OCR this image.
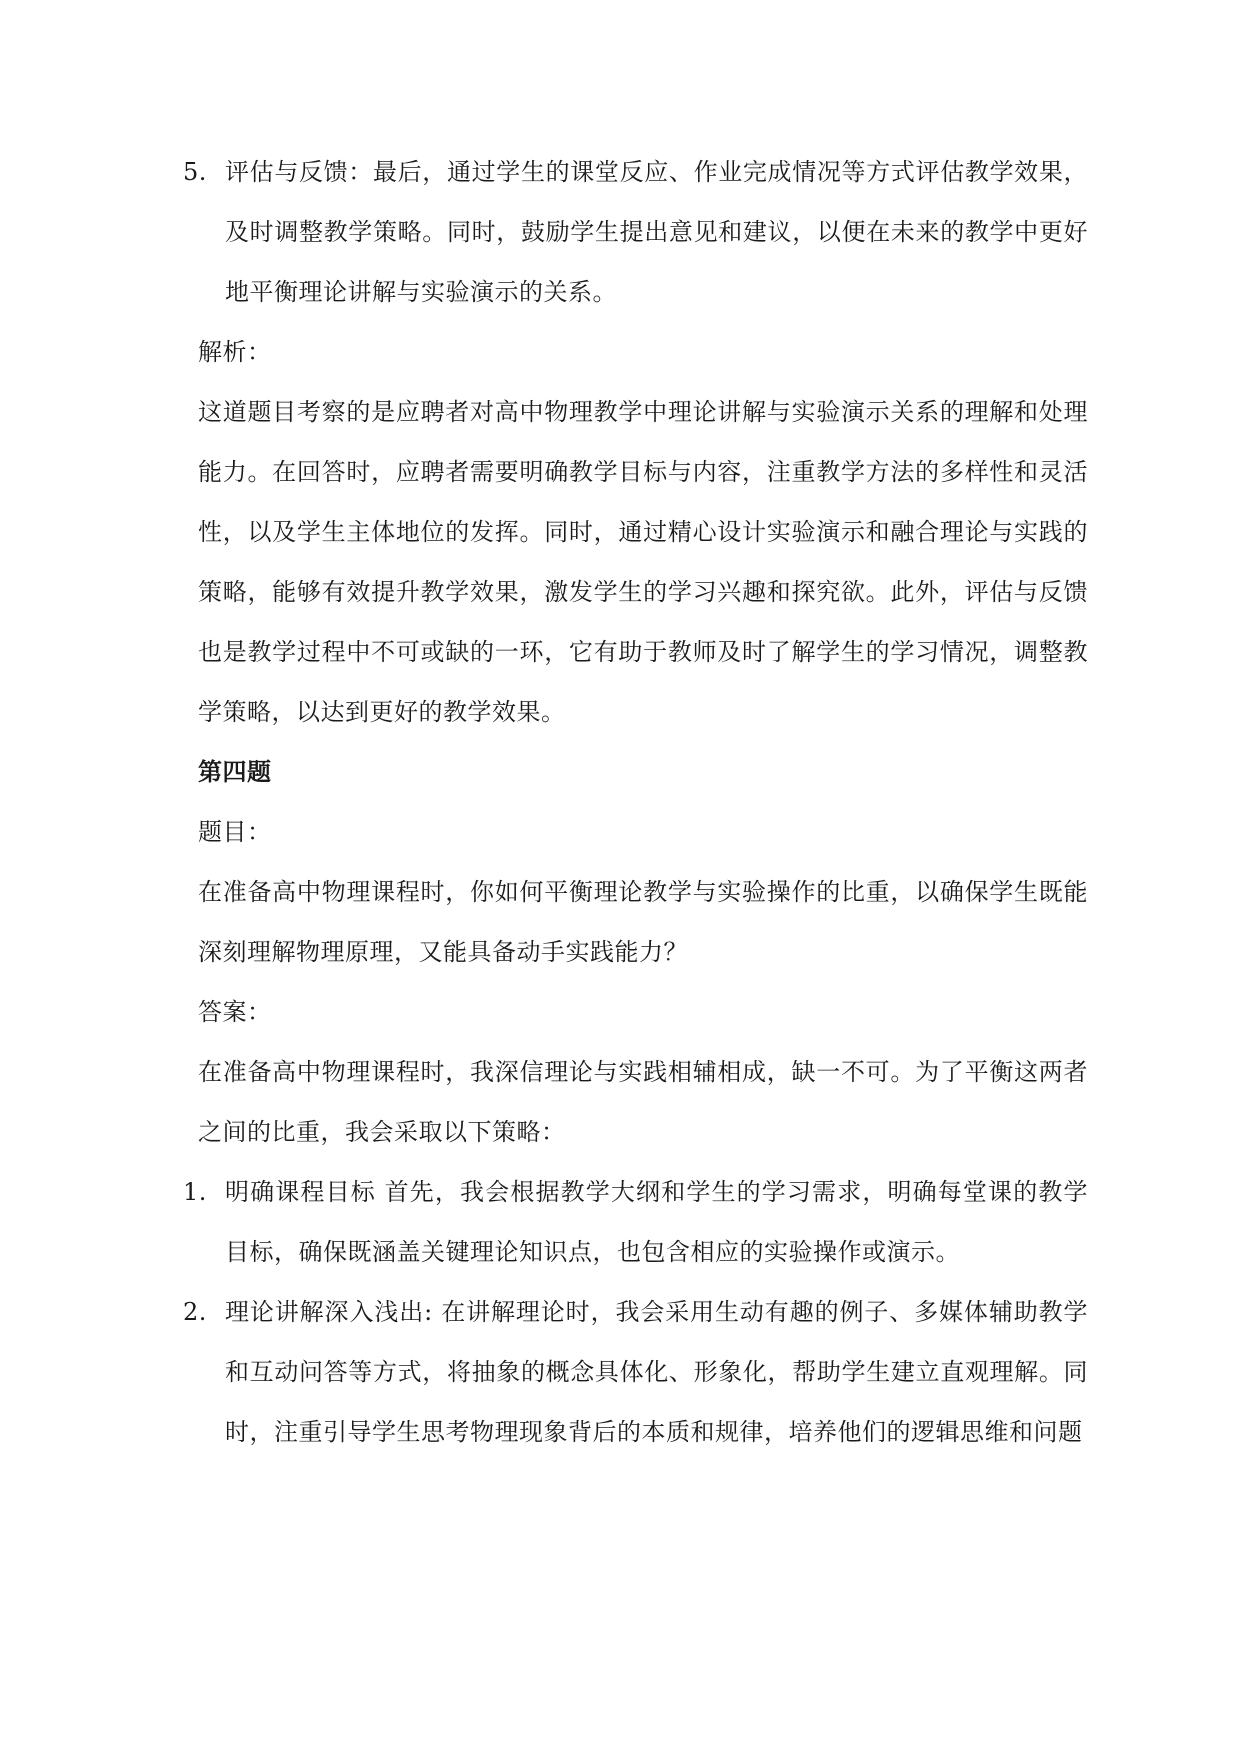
5. 评估与反馈：最后，通过学生的课堂反应、作业完成情况等方式评估教学效果，及时调整教学策略。同时，鼓励学生提出意见和建议，以便在未来的教学中更好地平衡理论讲解与实验演示的关系。

解析：

这道题目考察的是应聘者对高中物理教学中理论讲解与实验演示关系的理解和处理能力。在回答时，应聘者需要明确教学目标与内容，注重教学方法的多样性和灵活性，以及学生主体地位的发挥。同时，通过精心设计实验演示和融合理论与实践的策略，能够有效提升教学效果，激发学生的学习兴趣和探究欲。此外，评估与反馈也是教学过程中不可或缺的一环，它有助于教师及时了解学生的学习情况，调整教学策略，以达到更好的教学效果。

第四题

题目：

在准备高中物理课程时，你如何平衡理论教学与实验操作的比重，以确保学生既能深刻理解物理原理，又能具备动手实践能力？

答案：

在准备高中物理课程时，我深信理论与实践相辅相成，缺一不可。为了平衡这两者之间的比重，我会采取以下策略：

1. 明确课程目标 首先，我会根据教学大纲和学生的学习需求，明确每堂课的教学目标，确保既涵盖关键理论知识点，也包含相应的实验操作或演示。

2. 理论讲解深入浅出: 在讲解理论时，我会采用生动有趣的例子、多媒体辅助教学和互动问答等方式，将抽象的概念具体化、形象化，帮助学生建立直观理解。同时，注重引导学生思考物理现象背后的本质和规律，培养他们的逻辑思维和问题
